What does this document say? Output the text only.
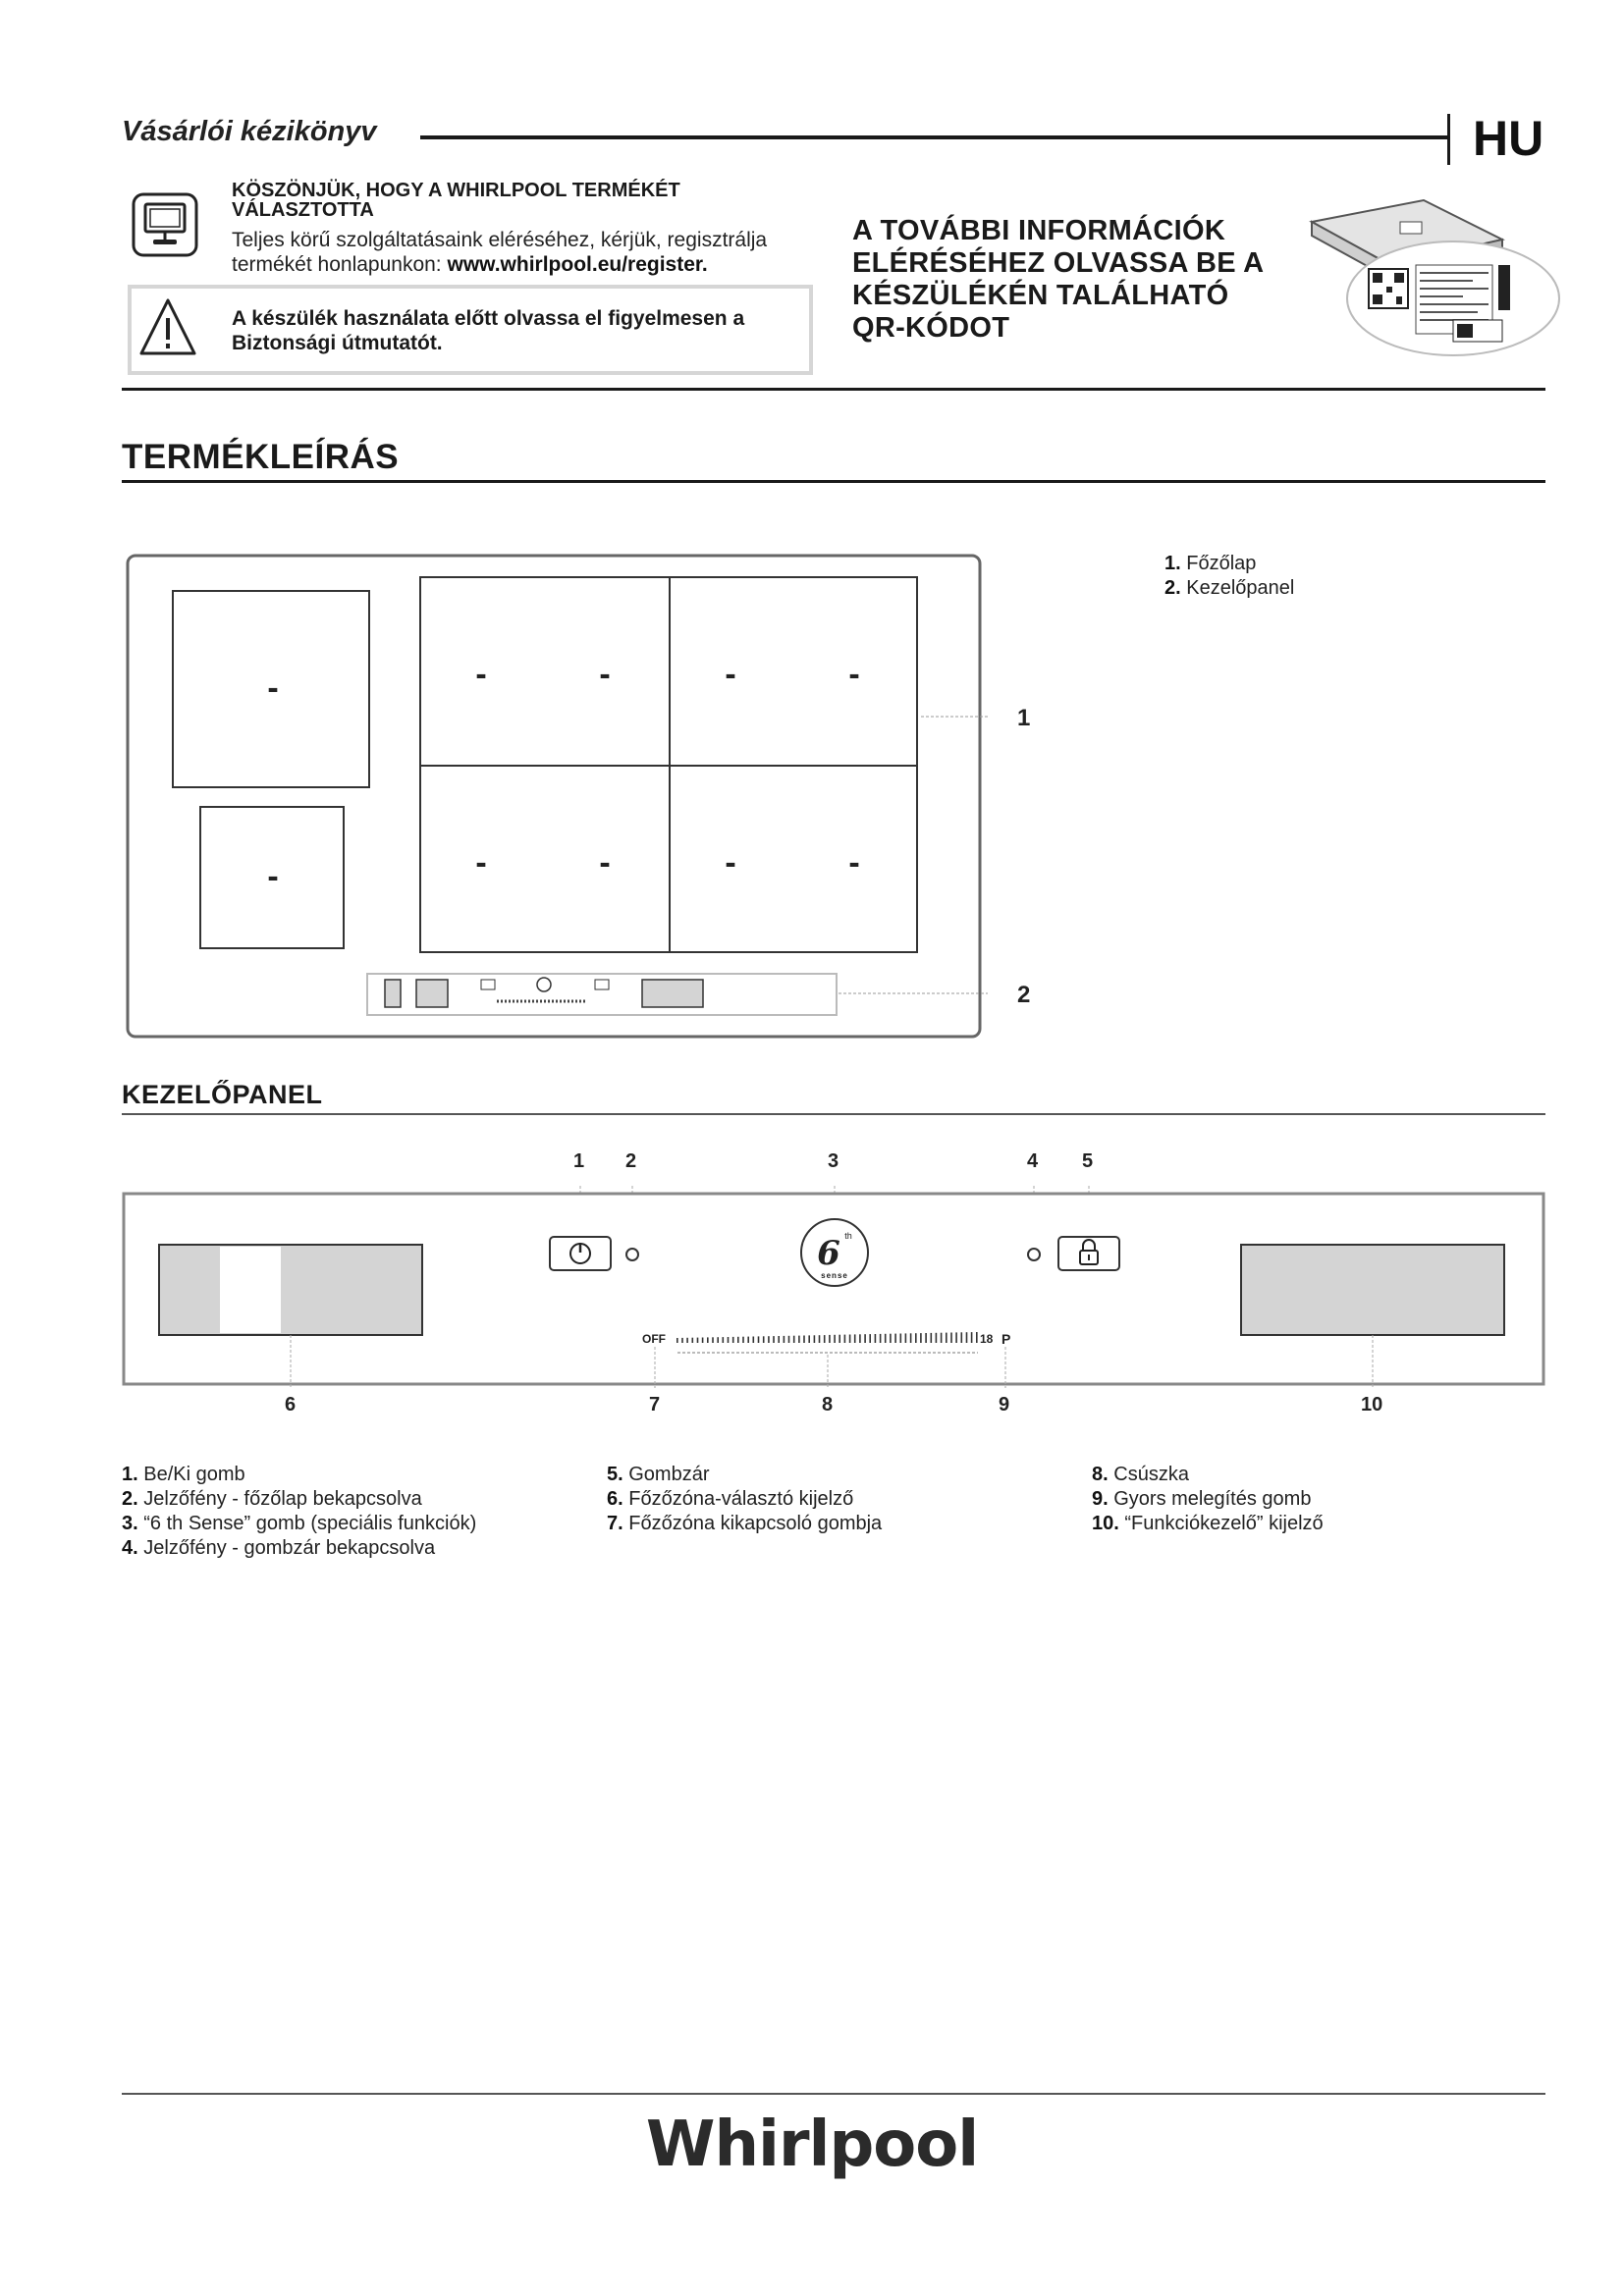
Vásárlói kézikönyv	HU
KÖSZÖNJÜK, HOGY A WHIRLPOOL TERMÉKÉT VÁLASZTOTTA
Teljes körű szolgáltatásaink eléréséhez, kérjük, regisztrálja termékét honlapunkon: www.whirlpool.eu/register.
A készülék használata előtt olvassa el figyelmesen a Biztonsági útmutatót.
A TOVÁBBI INFORMÁCIÓK ELÉRÉSÉHEZ OLVASSA BE A KÉSZÜLÉKÉN TALÁLHATÓ QR-KÓDOT
TERMÉKLEÍRÁS
1. Főzőlap
2. Kezelőpanel
-
-
-	-	-	-
-	-	-	-
1
2
KEZELŐPANEL
1 2	3	4 5
6 th
sense
OFF	18 P
6	7	8	9	10
1. Be/Ki gomb
2. Jelzőfény - főzőlap bekapcsolva
3. “6 th Sense” gomb (speciális funkciók)
4. Jelzőfény - gombzár bekapcsolva
5. Gombzár
6. Főzőzóna-választó kijelző
7. Főzőzóna kikapcsoló gombja
8. Csúszka
9. Gyors melegítés gomb
10. “Funkciókezelő” kijelző
Whirlpool
